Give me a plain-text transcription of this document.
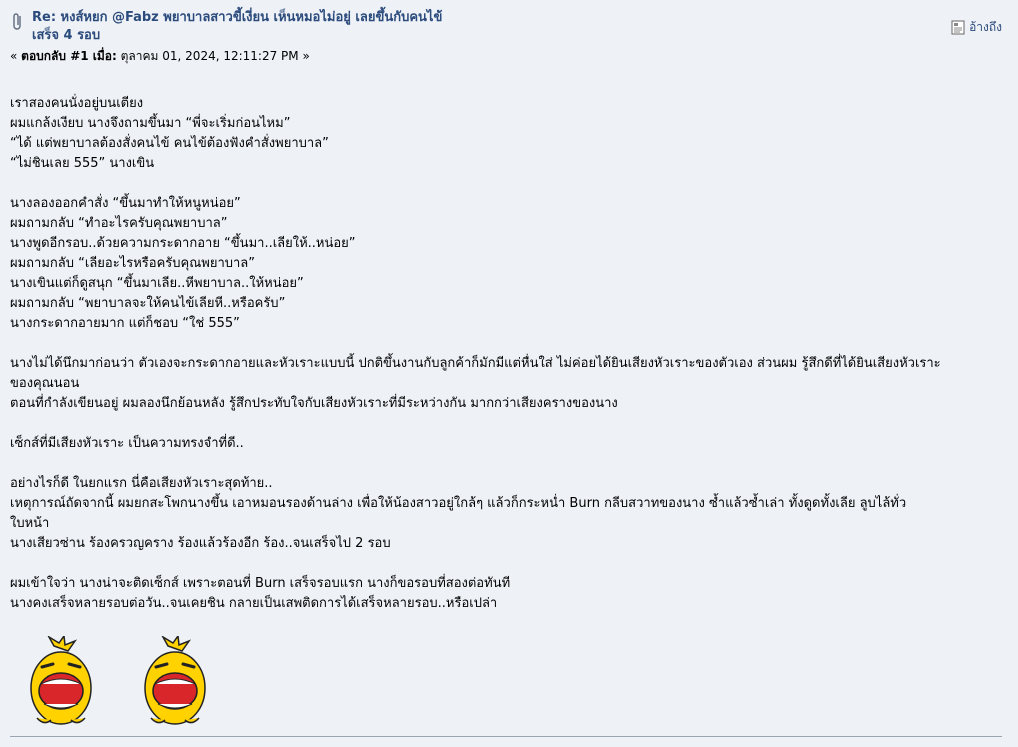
Re: หงส์หยก @Fabz พยาบาลสาวขี้เงี่ยน เห็นหมอไม่อยู่ เลยขึ้นกับคนไข้
เสร็จ 4 รอบ
อ้างถึง
« ตอบกลับ #1 เมื่อ: ตุลาคม 01, 2024, 12:11:27 PM »

เราสองคนนั่งอยู่บนเตียง
ผมแกล้งเงียบ นางจึงถามขึ้นมา “พี่จะเริ่มก่อนไหม”
“ได้ แต่พยาบาลต้องสั่งคนไข้ คนไข้ต้องฟังคำสั่งพยาบาล”
“ไม่ชินเลย 555” นางเขิน

นางลองออกคำสั่ง “ขึ้นมาทำให้หนูหน่อย”
ผมถามกลับ “ทำอะไรครับคุณพยาบาล”
นางพูดอีกรอบ..ด้วยความกระดากอาย “ขึ้นมา..เลียให้..หน่อย”
ผมถามกลับ “เลียอะไรหรือครับคุณพยาบาล”
นางเขินแต่ก็ดูสนุก “ขึ้นมาเลีย..หีพยาบาล..ให้หน่อย”
ผมถามกลับ “พยาบาลจะให้คนไข้เลียหี..หรือครับ”
นางกระดากอายมาก แต่ก็ชอบ “ใช่ 555”

นางไม่ได้นึกมาก่อนว่า ตัวเองจะกระดากอายและหัวเราะแบบนี้ ปกติขึ้นงานกับลูกค้าก็มักมีแต่หื่นใส่ ไม่ค่อยได้ยินเสียงหัวเราะของตัวเอง ส่วนผม รู้สึกดีที่ได้ยินเสียงหัวเราะ
ของคุณนอน
ตอนที่กำลังเขียนอยู่ ผมลองนึกย้อนหลัง รู้สึกประทับใจกับเสียงหัวเราะที่มีระหว่างกัน มากกว่าเสียงครางของนาง

เซ็กส์ที่มีเสียงหัวเราะ เป็นความทรงจำที่ดี..

อย่างไรก็ดี ในยกแรก นี่คือเสียงหัวเราะสุดท้าย..
เหตุการณ์ถัดจากนี้ ผมยกสะโพกนางขึ้น เอาหมอนรองด้านล่าง เพื่อให้น้องสาวอยู่ใกล้ๆ แล้วก็กระหน่ำ Burn กลีบสวาทของนาง ซ้ำแล้วซ้ำเล่า ทั้งดูดทั้งเลีย ลูบไล้ทั่ว
ใบหน้า
นางเสียวซ่าน ร้องครวญคราง ร้องแล้วร้องอีก ร้อง..จนเสร็จไป 2 รอบ

ผมเข้าใจว่า นางน่าจะติดเซ็กส์ เพราะตอนที่ Burn เสร็จรอบแรก นางก็ขอรอบที่สองต่อทันที
นางคงเสร็จหลายรอบต่อวัน..จนเคยชิน กลายเป็นเสพติดการได้เสร็จหลายรอบ..หรือเปล่า
